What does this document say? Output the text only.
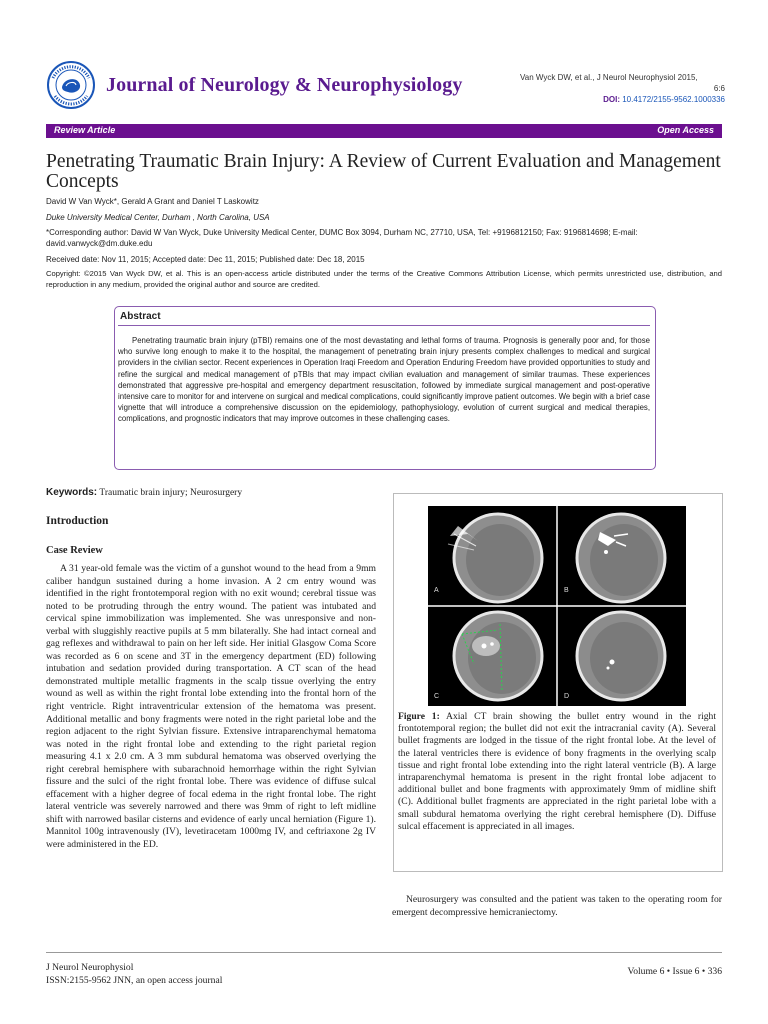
Journal of Neurology & Neurophysiology	Van Wyck DW, et al., J Neurol Neurophysiol 2015,
6:6
DOI: 10.4172/2155-9562.1000336
Review Article	Open Access
Penetrating Traumatic Brain Injury: A Review of Current Evaluation and Management Concepts
David W Van Wyck*, Gerald A Grant and Daniel T Laskowitz
Duke University Medical Center, Durham , North Carolina, USA
*Corresponding author: David W Van Wyck, Duke University Medical Center, DUMC Box 3094, Durham NC, 27710, USA, Tel: +9196812150; Fax: 9196814698; E-mail: david.vanwyck@dm.duke.edu
Received date: Nov 11, 2015; Accepted date: Dec 11, 2015; Published date: Dec 18, 2015
Copyright: ©2015 Van Wyck DW, et al. This is an open-access article distributed under the terms of the Creative Commons Attribution License, which permits unrestricted use, distribution, and reproduction in any medium, provided the original author and source are credited.
Abstract
Penetrating traumatic brain injury (pTBI) remains one of the most devastating and lethal forms of trauma. Prognosis is generally poor and, for those who survive long enough to make it to the hospital, the management of penetrating brain injury presents complex challenges to medical and surgical providers in the civilian sector. Recent experiences in Operation Iraqi Freedom and Operation Enduring Freedom have provided opportunities to study and refine the surgical and medical management of pTBIs that may impact civilian evaluation and management of similar traumas. These experiences demonstrated that aggressive pre-hospital and emergency department resuscitation, followed by immediate surgical management and post-operative intensive care to monitor for and intervene on surgical and medical complications, could significantly improve patient outcomes. We begin with a brief case vignette that will introduce a comprehensive discussion on the epidemiology, pathophysiology, evolution of current surgical and medical therapies, complications, and prognostic indicators that may improve outcomes in these challenging cases.
Keywords: Traumatic brain injury; Neurosurgery
Introduction
Case Review
A 31 year-old female was the victim of a gunshot wound to the head from a 9mm caliber handgun sustained during a home invasion. A 2 cm entry wound was identified in the right frontotemporal region with no exit wound; cerebral tissue was noted to be protruding through the entry wound. The patient was intubated and cervical spine immobilization was implemented. She was unresponsive and non-verbal with sluggishly reactive pupils at 5 mm bilaterally. She had intact corneal and gag reflexes and withdrawal to pain on her left side. Her initial Glasgow Coma Score was recorded as 6 on scene and 3T in the emergency department (ED) following intubation and sedation provided during transportation. A CT scan of the head demonstrated multiple metallic fragments in the scalp tissue overlying the entry wound as well as within the right frontal lobe extending into the frontal horn of the right ventricle. Right intraventricular extension of the hematoma was present. Additional metallic and bony fragments were noted in the right parietal lobe and the region adjacent to the right Sylvian fissure. Extensive intraparenchymal hematoma was noted in the right frontal lobe and extending to the right parietal region measuring 4.1 x 2.0 cm. A 3 mm subdural hematoma was observed overlying the right cerebral hemisphere with subarachnoid hemorrhage within the right Sylvian fissure and the sulci of the right frontal lobe. There was evidence of diffuse sulcal effacement with a higher degree of focal edema in the right frontal lobe. The right lateral ventricle was severely narrowed and there was 9mm of right to left midline shift with narrowed basilar cisterns and evidence of early uncal herniation (Figure 1). Mannitol 100g intravenously (IV), levetiracetam 1000mg IV, and ceftriaxone 2g IV were administered in the ED.
A	B
C	D
Figure 1: Axial CT brain showing the bullet entry wound in the right frontotemporal region; the bullet did not exit the intracranial cavity (A). Several bullet fragments are lodged in the tissue of the right frontal lobe. At the level of the lateral ventricles there is evidence of bony fragments in the overlying scalp tissue and right frontal lobe extending into the right lateral ventricle (B). A large intraparenchymal hematoma is present in the right frontal lobe adjacent to additional bullet and bone fragments with approximately 9mm of midline shift (C). Additional bullet fragments are appreciated in the right parietal lobe with a small subdural hematoma overlying the right cerebral hemisphere (D). Diffuse sulcal effacement is appreciated in all images.
Neurosurgery was consulted and the patient was taken to the operating room for emergent decompressive hemicraniectomy.
J Neurol Neurophysiol
ISSN:2155-9562 JNN, an open access journal
Volume 6 • Issue 6 • 336
